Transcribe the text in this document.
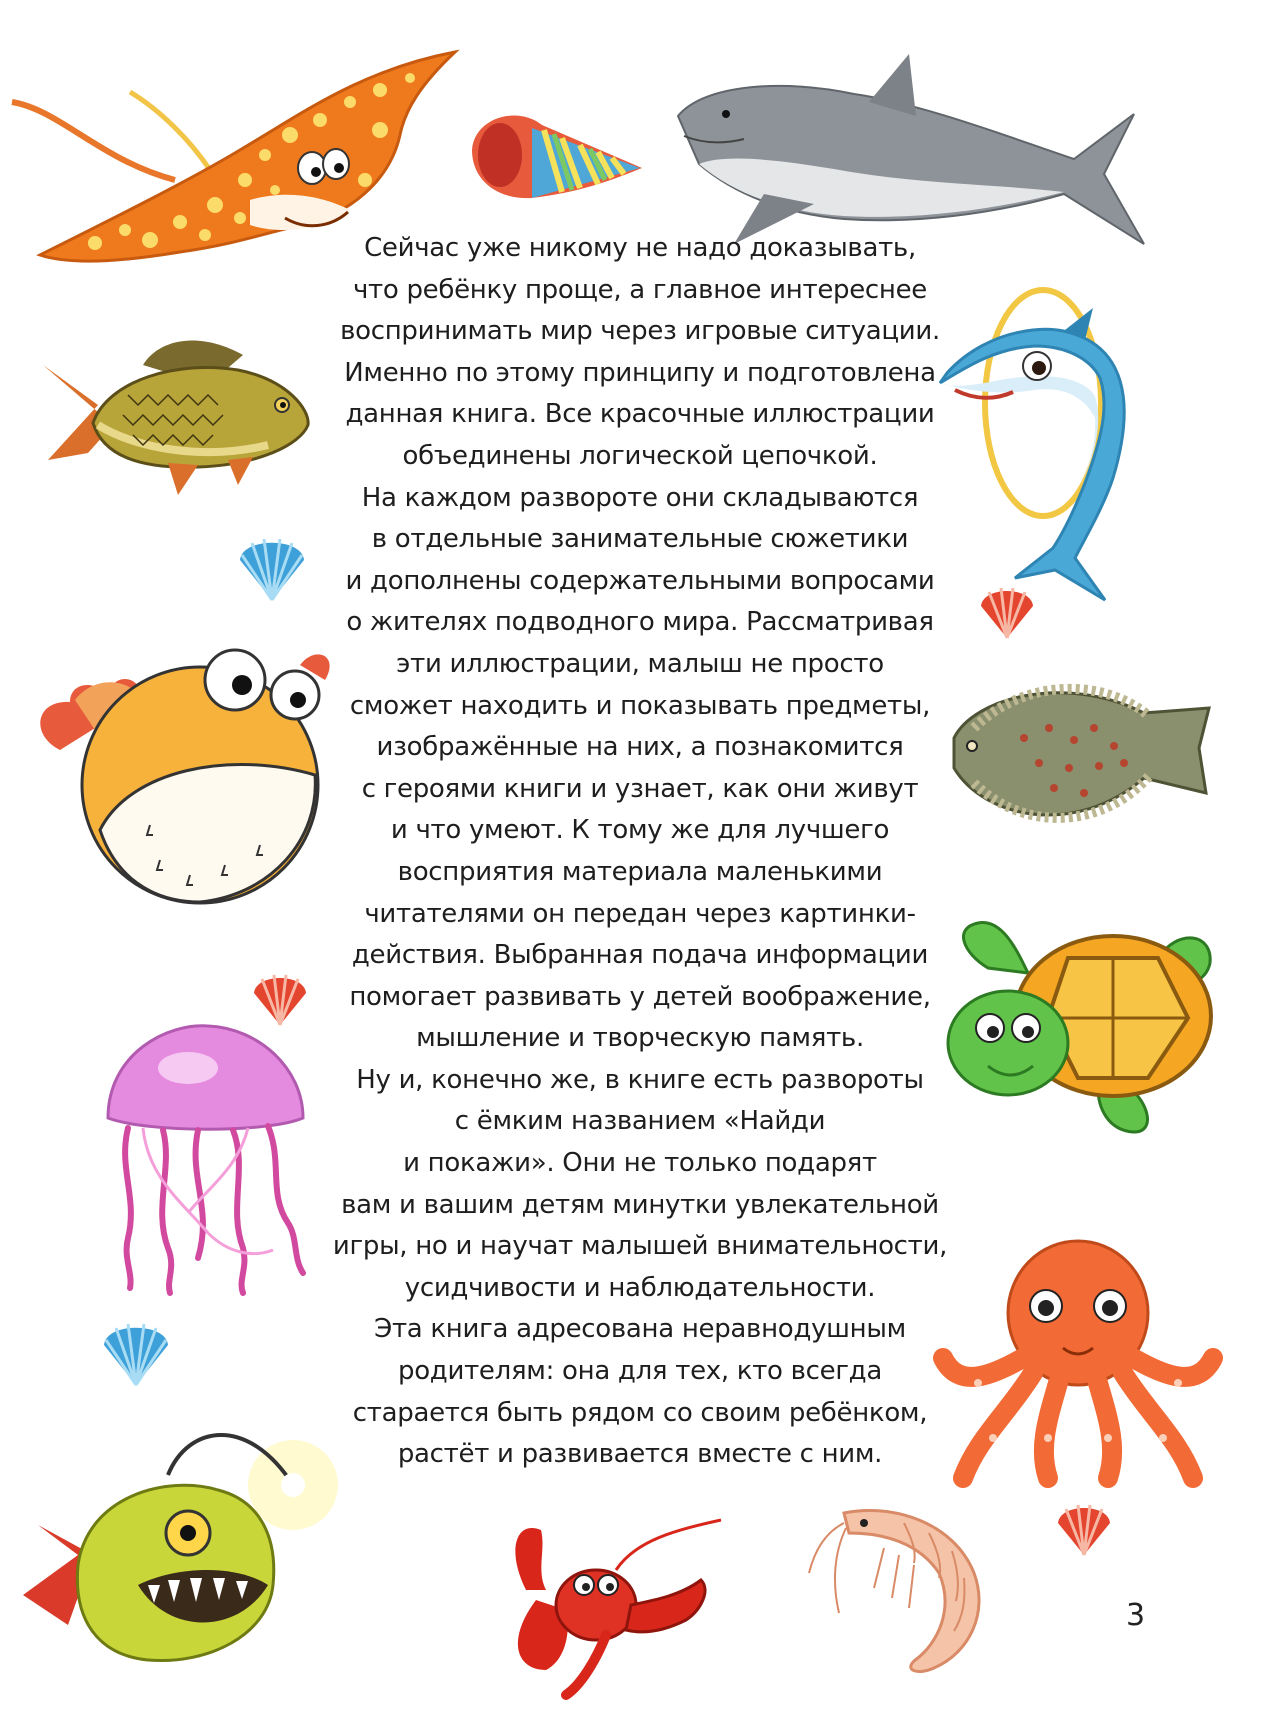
Сейчас уже никому не надо доказывать,
что ребёнку проще, а главное интереснее
воспринимать мир через игровые ситуации.
Именно по этому принципу и подготовлена
данная книга. Все красочные иллюстрации
объединены логической цепочкой.
На каждом развороте они складываются
в отдельные занимательные сюжетики
и дополнены содержательными вопросами
о жителях подводного мира. Рассматривая
эти иллюстрации, малыш не просто
сможет находить и показывать предметы,
изображённые на них, а познакомится
с героями книги и узнает, как они живут
и что умеют. К тому же для лучшего
восприятия материала маленькими
читателями он передан через картинки-
действия. Выбранная подача информации
помогает развивать у детей воображение,
мышление и творческую память.
Ну и, конечно же, в книге есть развороты
с ёмким названием «Найди
и покажи». Они не только подарят
вам и вашим детям минутки увлекательной
игры, но и научат малышей внимательности,
усидчивости и наблюдательности.
Эта книга адресована неравнодушным
родителям: она для тех, кто всегда
старается быть рядом со своим ребёнком,
растёт и развивается вместе с ним.
3
